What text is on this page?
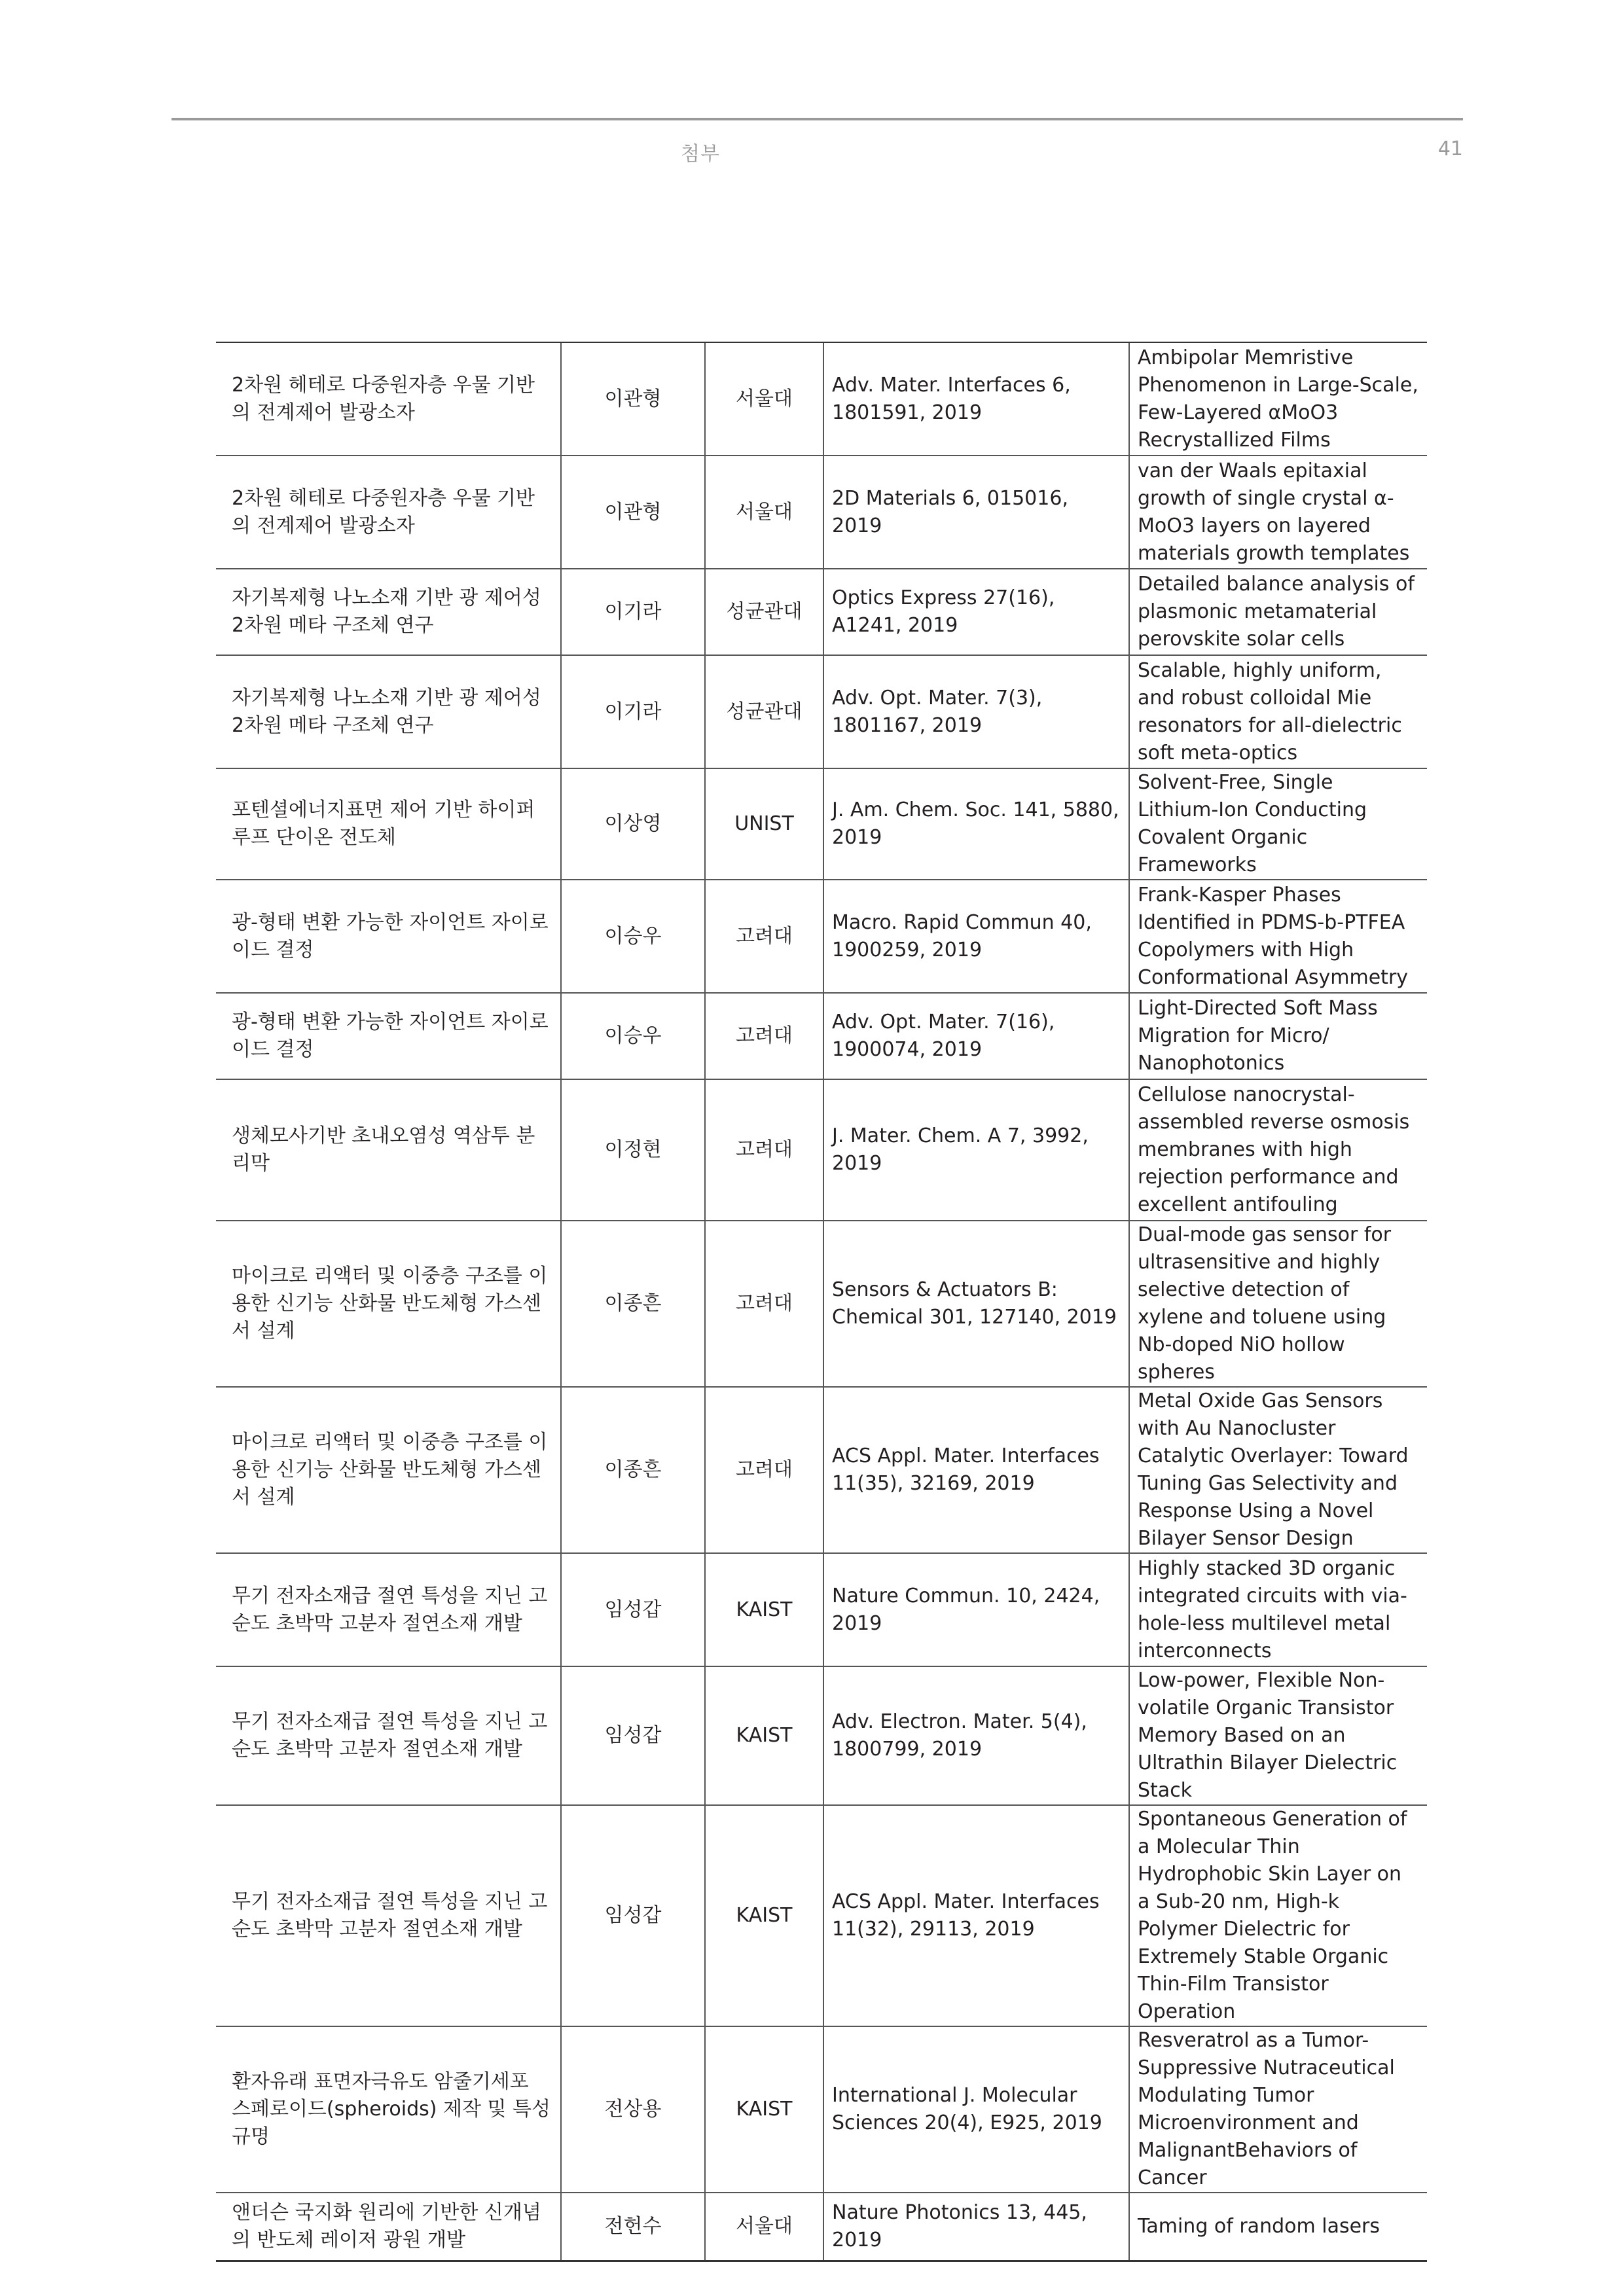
첨부	41
2차원 헤테로 다중원자층 우물 기반의 전계제어 발광소자	이관형	서울대	Adv. Mater. Interfaces 6, 1801591, 2019	Ambipolar Memristive Phenomenon in Large-Scale, Few-Layered αMoO3 Recrystallized Films
2차원 헤테로 다중원자층 우물 기반의 전계제어 발광소자	이관형	서울대	2D Materials 6, 015016, 2019	van der Waals epitaxial growth of single crystal α-MoO3 layers on layered materials growth templates
자기복제형 나노소재 기반 광 제어성 2차원 메타 구조체 연구	이기라	성균관대	Optics Express 27(16), A1241, 2019	Detailed balance analysis of plasmonic metamaterial perovskite solar cells
자기복제형 나노소재 기반 광 제어성 2차원 메타 구조체 연구	이기라	성균관대	Adv. Opt. Mater. 7(3), 1801167, 2019	Scalable, highly uniform, and robust colloidal Mie resonators for all-dielectric soft meta-optics
포텐셜에너지표면 제어 기반 하이퍼루프 단이온 전도체	이상영	UNIST	J. Am. Chem. Soc. 141, 5880, 2019	Solvent-Free, Single Lithium-Ion Conducting Covalent Organic Frameworks
광-형태 변환 가능한 자이언트 자이로이드 결정	이승우	고려대	Macro. Rapid Commun 40, 1900259, 2019	Frank-Kasper Phases Identified in PDMS-b-PTFEA Copolymers with High Conformational Asymmetry
광-형태 변환 가능한 자이언트 자이로이드 결정	이승우	고려대	Adv. Opt. Mater. 7(16), 1900074, 2019	Light-Directed Soft Mass Migration for Micro/ Nanophotonics
생체모사기반 초내오염성 역삼투 분리막	이정현	고려대	J. Mater. Chem. A 7, 3992, 2019	Cellulose nanocrystal-assembled reverse osmosis membranes with high rejection performance and excellent antifouling
마이크로 리액터 및 이중층 구조를 이용한 신기능 산화물 반도체형 가스센서 설계	이종흔	고려대	Sensors & Actuators B: Chemical 301, 127140, 2019	Dual-mode gas sensor for ultrasensitive and highly selective detection of xylene and toluene using Nb-doped NiO hollow spheres
마이크로 리액터 및 이중층 구조를 이용한 신기능 산화물 반도체형 가스센서 설계	이종흔	고려대	ACS Appl. Mater. Interfaces 11(35), 32169, 2019	Metal Oxide Gas Sensors with Au Nanocluster Catalytic Overlayer: Toward Tuning Gas Selectivity and Response Using a Novel Bilayer Sensor Design
무기 전자소재급 절연 특성을 지닌 고순도 초박막 고분자 절연소재 개발	임성갑	KAIST	Nature Commun. 10, 2424, 2019	Highly stacked 3D organic integrated circuits with via-hole-less multilevel metal interconnects
무기 전자소재급 절연 특성을 지닌 고순도 초박막 고분자 절연소재 개발	임성갑	KAIST	Adv. Electron. Mater. 5(4), 1800799, 2019	Low-power, Flexible Non-volatile Organic Transistor Memory Based on an Ultrathin Bilayer Dielectric Stack
무기 전자소재급 절연 특성을 지닌 고순도 초박막 고분자 절연소재 개발	임성갑	KAIST	ACS Appl. Mater. Interfaces 11(32), 29113, 2019	Spontaneous Generation of a Molecular Thin Hydrophobic Skin Layer on a Sub-20 nm, High-k Polymer Dielectric for Extremely Stable Organic Thin-Film Transistor Operation
환자유래 표면자극유도 암줄기세포 스페로이드(spheroids) 제작 및 특성 규명	전상용	KAIST	International J. Molecular Sciences 20(4), E925, 2019	Resveratrol as a Tumor-Suppressive Nutraceutical Modulating Tumor Microenvironment and MalignantBehaviors of Cancer
앤더슨 국지화 원리에 기반한 신개념의 반도체 레이저 광원 개발	전헌수	서울대	Nature Photonics 13, 445, 2019	Taming of random lasers
